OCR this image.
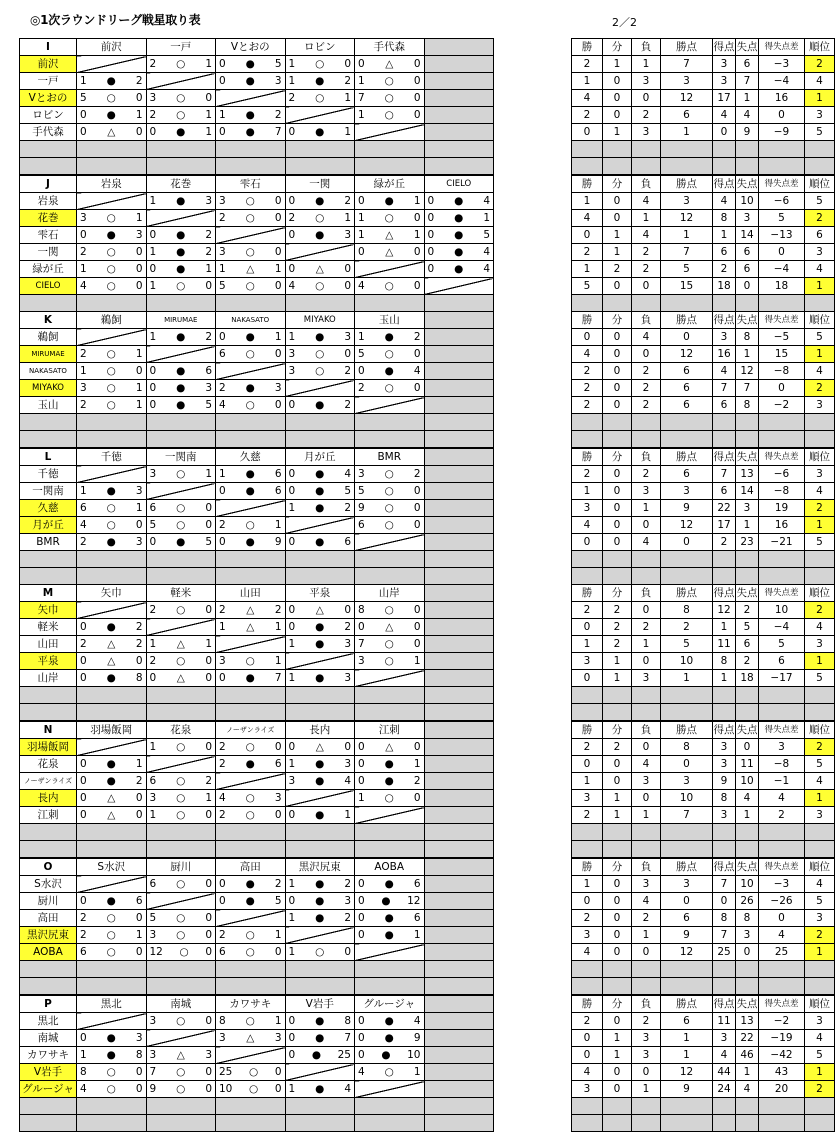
◎1次ラウンドリーグ戦星取り表	2／2
I	前沢	一戸	Vとおの	ロビン	手代森			勝	分	負	勝点	得点	失点	得失点差	順位
前沢		2 ○ 1	0 ● 5	1 ○ 0	0 △ 0			2	1	1	7	3	6	−3	2
一戸	1 ● 2		0 ● 3	1 ● 2	1 ○ 0			1	0	3	3	3	7	−4	4
Vとおの	5 ○ 0	3 ○ 0		2 ○ 1	7 ○ 0			4	0	0	12	17	1	16	1
ロビン	0 ● 1	2 ○ 1	1 ● 2		1 ○ 0			2	0	2	6	4	4	0	3
手代森	0 △ 0	0 ● 1	0 ● 7	0 ● 1				0	1	3	1	0	9	−9	5

J	岩泉	花巻	雫石	一関	緑が丘	CIELO		勝	分	負	勝点	得点	失点	得失点差	順位
岩泉		1 ● 3	3 ○ 0	0 ● 2	0 ● 1	0 ● 4		1	0	4	3	4	10	−6	5
花巻	3 ○ 1		2 ○ 0	2 ○ 1	1 ○ 0	0 ● 1		4	0	1	12	8	3	5	2
雫石	0 ● 3	0 ● 2		0 ● 3	1 △ 1	0 ● 5		0	1	4	1	1	14	−13	6
一関	2 ○ 0	1 ● 2	3 ○ 0		0 △ 0	0 ● 4		2	1	2	7	6	6	0	3
緑が丘	1 ○ 0	0 ● 1	1 △ 1	0 △ 0		0 ● 4		1	2	2	5	2	6	−4	4
CIELO	4 ○ 0	1 ○ 0	5 ○ 0	4 ○ 0	4 ○ 0			5	0	0	15	18	0	18	1

K	鵜飼	MIRUMAE	NAKASATO	MIYAKO	玉山			勝	分	負	勝点	得点	失点	得失点差	順位
鵜飼		1 ● 2	0 ● 1	1 ● 3	1 ● 2			0	0	4	0	3	8	−5	5
MIRUMAE	2 ○ 1		6 ○ 0	3 ○ 0	5 ○ 0			4	0	0	12	16	1	15	1
NAKASATO	1 ○ 0	0 ● 6		3 ○ 2	0 ● 4			2	0	2	6	4	12	−8	4
MIYAKO	3 ○ 1	0 ● 3	2 ● 3		2 ○ 0			2	0	2	6	7	7	0	2
玉山	2 ○ 1	0 ● 5	4 ○ 0	0 ● 2				2	0	2	6	6	8	−2	3

L	千徳	一関南	久慈	月が丘	BMR			勝	分	負	勝点	得点	失点	得失点差	順位
千徳		3 ○ 1	1 ● 6	0 ● 4	3 ○ 2			2	0	2	6	7	13	−6	3
一関南	1 ● 3		0 ● 6	0 ● 5	5 ○ 0			1	0	3	3	6	14	−8	4
久慈	6 ○ 1	6 ○ 0		1 ● 2	9 ○ 0			3	0	1	9	22	3	19	2
月が丘	4 ○ 0	5 ○ 0	2 ○ 1		6 ○ 0			4	0	0	12	17	1	16	1
BMR	2 ● 3	0 ● 5	0 ● 9	0 ● 6				0	0	4	0	2	23	−21	5

M	矢巾	軽米	山田	平泉	山岸			勝	分	負	勝点	得点	失点	得失点差	順位
矢巾		2 ○ 0	2 △ 2	0 △ 0	8 ○ 0			2	2	0	8	12	2	10	2
軽米	0 ● 2		1 △ 1	0 ● 2	0 △ 0			0	2	2	2	1	5	−4	4
山田	2 △ 2	1 △ 1		1 ● 3	7 ○ 0			1	2	1	5	11	6	5	3
平泉	0 △ 0	2 ○ 0	3 ○ 1		3 ○ 1			3	1	0	10	8	2	6	1
山岸	0 ● 8	0 △ 0	0 ● 7	1 ● 3				0	1	3	1	1	18	−17	5

N	羽場飯岡	花泉	ノーザンライズ	長内	江刺			勝	分	負	勝点	得点	失点	得失点差	順位
羽場飯岡		1 ○ 0	2 ○ 0	0 △ 0	0 △ 0			2	2	0	8	3	0	3	2
花泉	0 ● 1		2 ● 6	1 ● 3	0 ● 1			0	0	4	0	3	11	−8	5
ノーザンライズ	0 ● 2	6 ○ 2		3 ● 4	0 ● 2			1	0	3	3	9	10	−1	4
長内	0 △ 0	3 ○ 1	4 ○ 3		1 ○ 0			3	1	0	10	8	4	4	1
江刺	0 △ 0	1 ○ 0	2 ○ 0	0 ● 1				2	1	1	7	3	1	2	3

O	S水沢	厨川	高田	黒沢尻東	AOBA			勝	分	負	勝点	得点	失点	得失点差	順位
S水沢		6 ○ 0	0 ● 2	1 ● 2	0 ● 6			1	0	3	3	7	10	−3	4
厨川	0 ● 6		0 ● 5	0 ● 3	0 ● 12			0	0	4	0	0	26	−26	5
高田	2 ○ 0	5 ○ 0		1 ● 2	0 ● 6			2	0	2	6	8	8	0	3
黒沢尻東	2 ○ 1	3 ○ 0	2 ○ 1		0 ● 1			3	0	1	9	7	3	4	2
AOBA	6 ○ 0	12 ○ 0	6 ○ 0	1 ○ 0				4	0	0	12	25	0	25	1

P	黒北	南城	カワサキ	V岩手	グルージャ			勝	分	負	勝点	得点	失点	得失点差	順位
黒北		3 ○ 0	8 ○ 1	0 ● 8	0 ● 4			2	0	2	6	11	13	−2	3
南城	0 ● 3		3 △ 3	0 ● 7	0 ● 9			0	1	3	1	3	22	−19	4
カワサキ	1 ● 8	3 △ 3		0 ● 25	0 ● 10			0	1	3	1	4	46	−42	5
V岩手	8 ○ 0	7 ○ 0	25 ○ 0		4 ○ 1			4	0	0	12	44	1	43	1
グルージャ	4 ○ 0	9 ○ 0	10 ○ 0	1 ● 4				3	0	1	9	24	4	20	2
